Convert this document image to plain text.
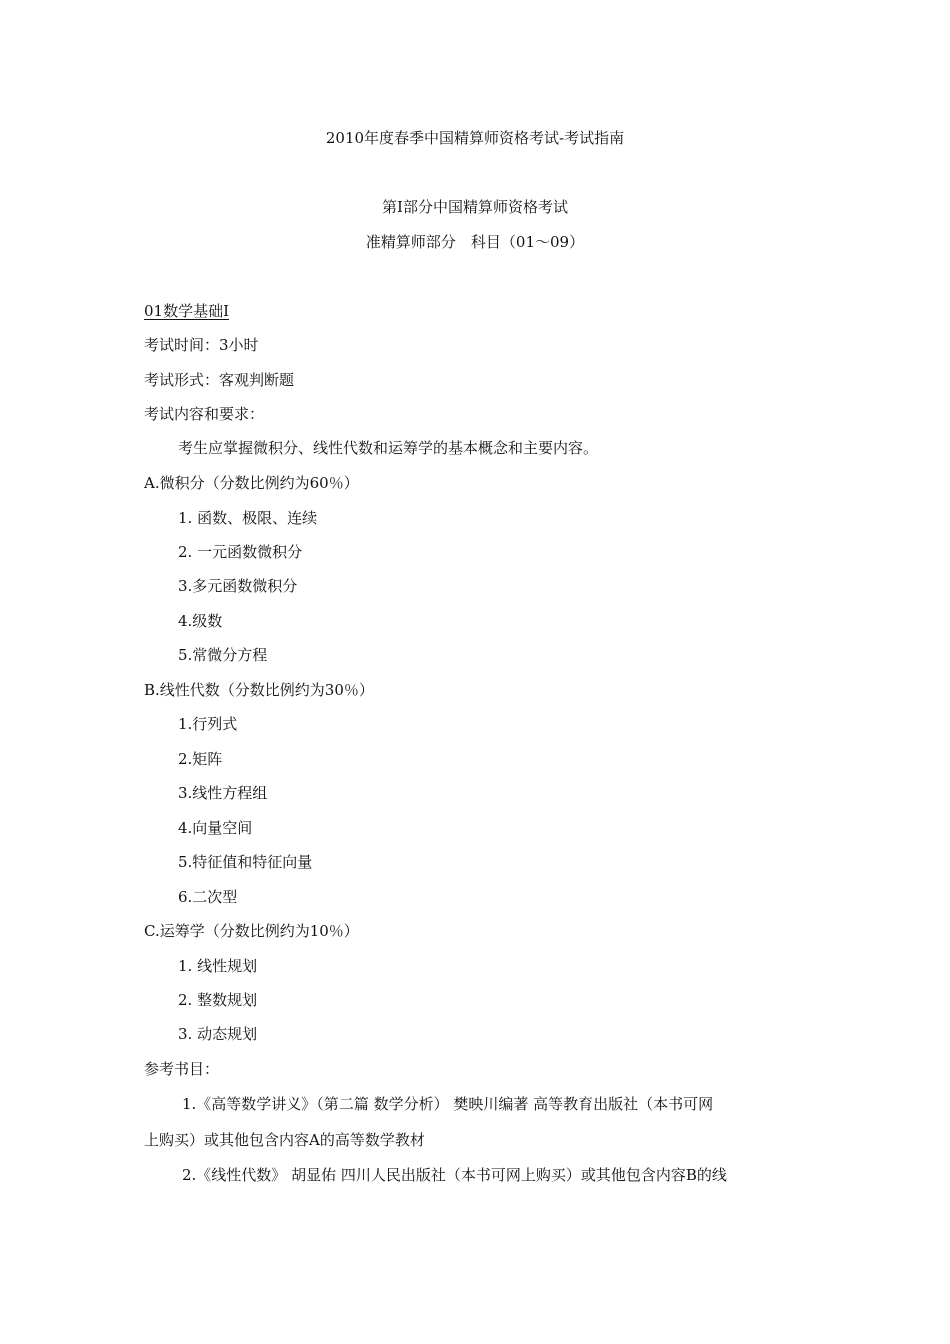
2010年度春季中国精算师资格考试-考试指南
第Ⅰ部分中国精算师资格考试
准精算师部分　科目（01～09）
01数学基础Ⅰ
考试时间：3小时
考试形式：客观判断题
考试内容和要求：
考生应掌握微积分、线性代数和运筹学的基本概念和主要内容。
A.微积分（分数比例约为60％）
1. 函数、极限、连续
2. 一元函数微积分
3.多元函数微积分
4.级数
5.常微分方程
B.线性代数（分数比例约为30％）
1.行列式
2.矩阵
3.线性方程组
4.向量空间
5.特征值和特征向量
6.二次型
C.运筹学（分数比例约为10％）
1. 线性规划
2. 整数规划
3. 动态规划
参考书目：
1.《高等数学讲义》（第二篇 数学分析） 樊映川编著 高等教育出版社（本书可网
上购买）或其他包含内容A的高等数学教材
2.《线性代数》 胡显佑 四川人民出版社（本书可网上购买）或其他包含内容B的线
